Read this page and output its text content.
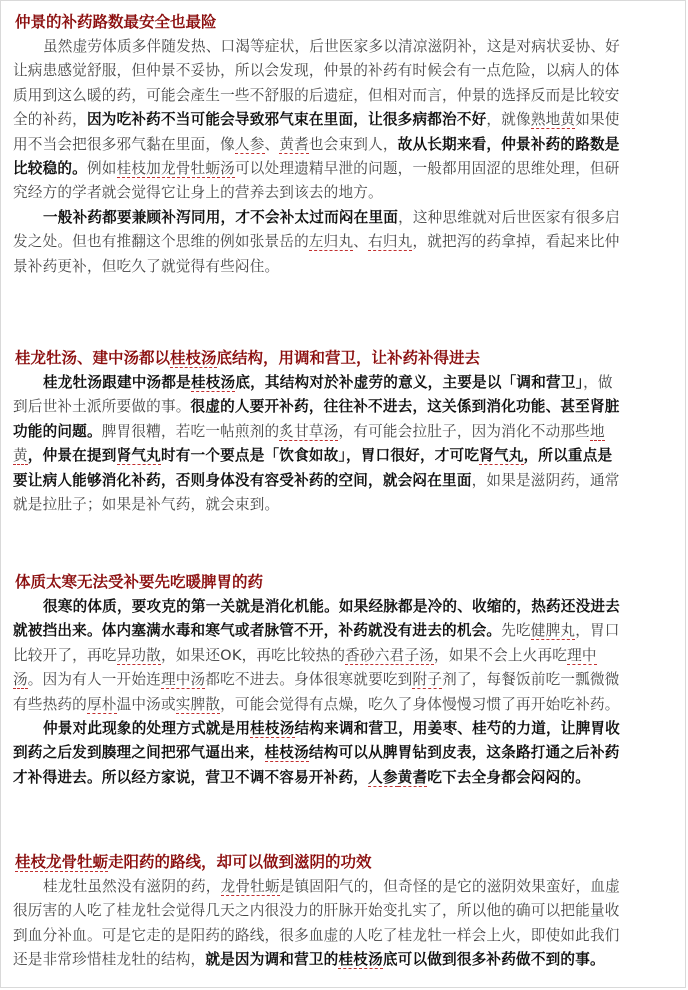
仲景的补药路数最安全也最险
虽然虚劳体质多伴随发热、口渴等症状，后世医家多以清凉滋阴补，这是对病状妥协、好
让病患感觉舒服，但仲景不妥协，所以会发现，仲景的补药有时候会有一点危险，以病人的体
质用到这么暖的药，可能会產生一些不舒服的后遗症，但相对而言，仲景的选择反而是比较安
全的补药，因为吃补药不当可能会导致邪气束在里面，让很多病都治不好，就像熟地黄如果使
用不当会把很多邪气黏在里面，像人参、黄耆也会束到人，故从长期来看，仲景补药的路数是
比较稳的。例如桂枝加龙骨牡蛎汤可以处理遗精早泄的问题，一般都用固涩的思维处理，但研
究经方的学者就会觉得它让身上的营养去到该去的地方。
一般补药都要兼顾补泻同用，才不会补太过而闷在里面，这种思维就对后世医家有很多启
发之处。但也有推翻这个思维的例如张景岳的左归丸、右归丸，就把泻的药拿掉，看起来比仲
景补药更补，但吃久了就觉得有些闷住。
桂龙牡汤、建中汤都以桂枝汤底结构，用调和营卫，让补药补得进去
桂龙牡汤跟建中汤都是桂枝汤底，其结构对於补虚劳的意义，主要是以「调和营卫」，做
到后世补土派所要做的事。很虚的人要开补药，往往补不进去，这关係到消化功能、甚至肾脏
功能的问题。脾胃很糟，若吃一帖煎剂的炙甘草汤，有可能会拉肚子，因为消化不动那些地
黄，仲景在提到肾气丸时有一个要点是「饮食如故」，胃口很好，才可吃肾气丸，所以重点是
要让病人能够消化补药，否则身体没有容受补药的空间，就会闷在里面，如果是滋阴药，通常
就是拉肚子；如果是补气药，就会束到。
体质太寒无法受补要先吃暖脾胃的药
很寒的体质，要攻克的第一关就是消化机能。如果经脉都是冷的、收缩的，热药还没进去
就被挡出来。体内塞满水毒和寒气或者脉管不开，补药就没有进去的机会。先吃健脾丸，胃口
比较开了，再吃异功散，如果还OK，再吃比较热的香砂六君子汤，如果不会上火再吃理中
汤。因为有人一开始连理中汤都吃不进去。身体很寒就要吃到附子剂了，每餐饭前吃一瓢微微
有些热药的厚朴温中汤或实脾散，可能会觉得有点燥，吃久了身体慢慢习惯了再开始吃补药。
仲景对此现象的处理方式就是用桂枝汤结构来调和营卫，用姜枣、桂芍的力道，让脾胃收
到药之后发到腠理之间把邪气逼出来，桂枝汤结构可以从脾胃钻到皮表，这条路打通之后补药
才补得进去。所以经方家说，营卫不调不容易开补药，人参黄耆吃下去全身都会闷闷的。
桂枝龙骨牡蛎走阳药的路线，却可以做到滋阴的功效
桂龙牡虽然没有滋阴的药，龙骨牡蛎是镇固阳气的，但奇怪的是它的滋阴效果蛮好，血虚
很厉害的人吃了桂龙牡会觉得几天之内很没力的肝脉开始变扎实了，所以他的确可以把能量收
到血分补血。可是它走的是阳药的路线，很多血虚的人吃了桂龙牡一样会上火，即使如此我们
还是非常珍惜桂龙牡的结构，就是因为调和营卫的桂枝汤底可以做到很多补药做不到的事。
